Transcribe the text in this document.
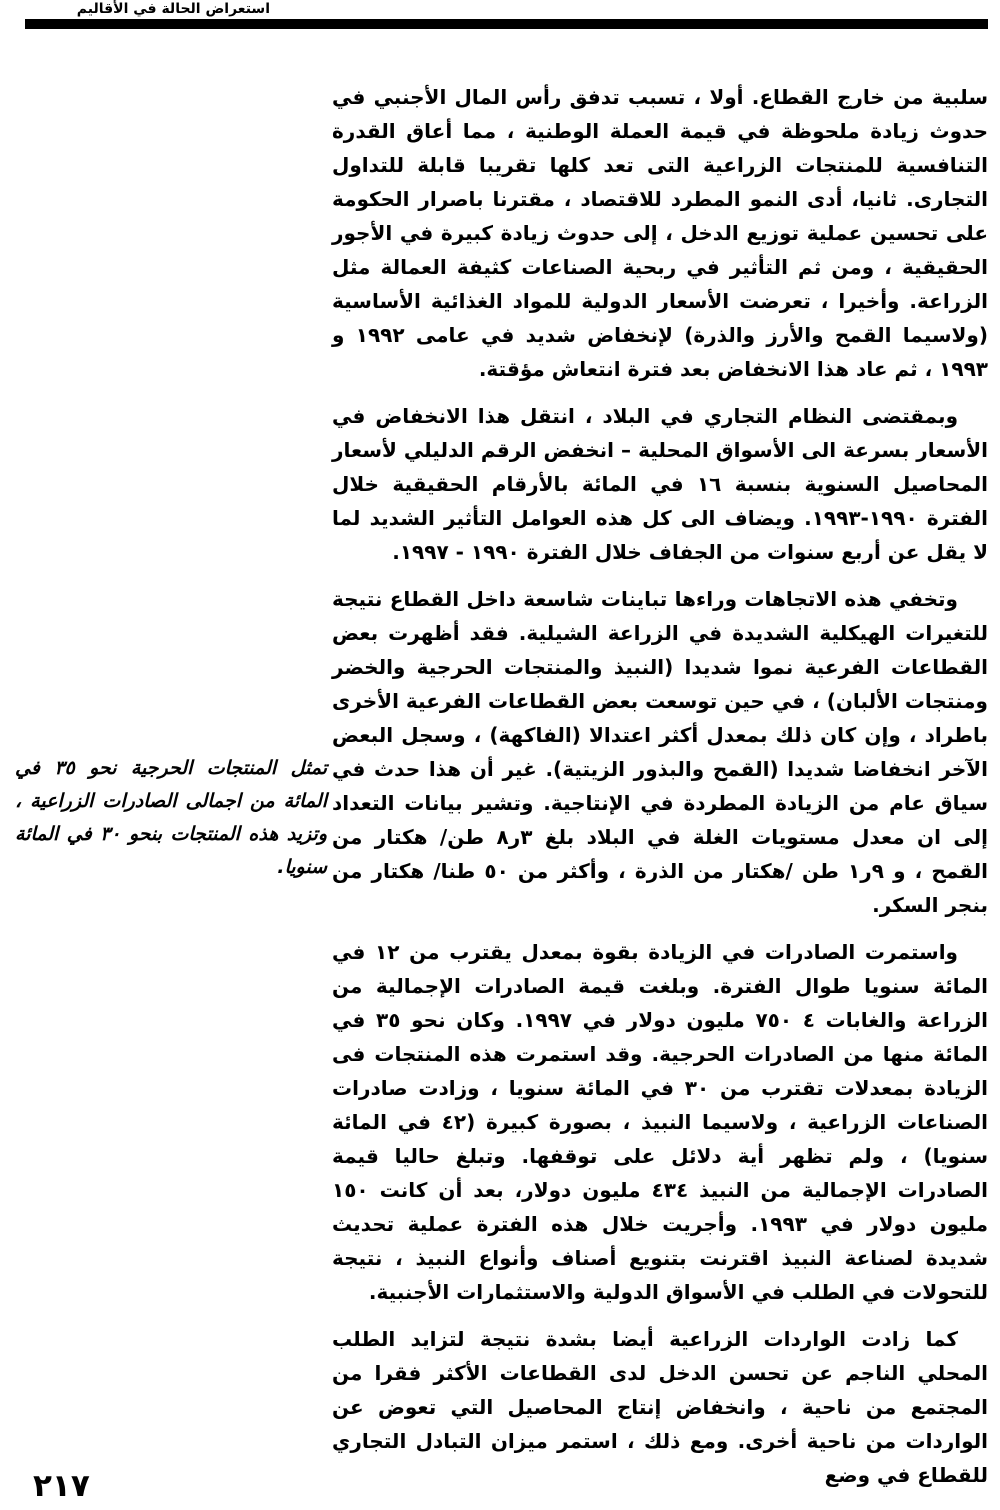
استعراض الحالة في الأقاليم
تمثل المنتجات الحرجية نحو ٣٥ في المائة من اجمالى الصادرات الزراعية ، وتزيد هذه المنتجات بنحو ٣٠ في المائة سنويا.

سلبية من خارج القطاع. أولا ، تسبب تدفق رأس المال الأجنبي في حدوث زيادة ملحوظة في قيمة العملة الوطنية ، مما أعاق القدرة التنافسية للمنتجات الزراعية التى تعد كلها تقريبا قابلة للتداول التجارى. ثانيا، أدى النمو المطرد للاقتصاد ، مقترنا باصرار الحكومة على تحسين عملية توزيع الدخل ، إلى حدوث زيادة كبيرة في الأجور الحقيقية ، ومن ثم التأثير في ربحية الصناعات كثيفة العمالة مثل الزراعة. وأخيرا ، تعرضت الأسعار الدولية للمواد الغذائية الأساسية (ولاسيما القمح والأرز والذرة) لإنخفاض شديد في عامى ١٩٩٢ و ١٩٩٣ ، ثم عاد هذا الانخفاض بعد فترة انتعاش مؤقتة.

وبمقتضى النظام التجاري في البلاد ، انتقل هذا الانخفاض في الأسعار بسرعة الى الأسواق المحلية – انخفض الرقم الدليلي لأسعار المحاصيل السنوية بنسبة ١٦ في المائة بالأرقام الحقيقية خلال الفترة ١٩٩٠-١٩٩٣. ويضاف الى كل هذه العوامل التأثير الشديد لما لا يقل عن أربع سنوات من الجفاف خلال الفترة ١٩٩٠ - ١٩٩٧.

وتخفي هذه الاتجاهات وراءها تباينات شاسعة داخل القطاع نتيجة للتغيرات الهيكلية الشديدة في الزراعة الشيلية. فقد أظهرت بعض القطاعات الفرعية نموا شديدا (النبيذ والمنتجات الحرجية والخضر ومنتجات الألبان) ، في حين توسعت بعض القطاعات الفرعية الأخرى باطراد ، وإن كان ذلك بمعدل أكثر اعتدالا (الفاكهة) ، وسجل البعض الآخر انخفاضا شديدا (القمح والبذور الزيتية). غير أن هذا حدث في سياق عام من الزيادة المطردة في الإنتاجية. وتشير بيانات التعداد إلى ان معدل مستويات الغلة في البلاد بلغ ٣ر٨ طن/ هكتار من القمح ، و ٩ر١ طن /هكتار من الذرة ، وأكثر من ٥٠ طنا/ هكتار من بنجر السكر.

واستمرت الصادرات في الزيادة بقوة بمعدل يقترب من ١٢ في المائة سنويا طوال الفترة. وبلغت قيمة الصادرات الإجمالية من الزراعة والغابات ٤ ٧٥٠ مليون دولار في ١٩٩٧. وكان نحو ٣٥ في المائة منها من الصادرات الحرجية. وقد استمرت هذه المنتجات فى الزيادة بمعدلات تقترب من ٣٠ في المائة سنويا ، وزادت صادرات الصناعات الزراعية ، ولاسيما النبيذ ، بصورة كبيرة (٤٢ في المائة سنويا) ، ولم تظهر أية دلائل على توقفها. وتبلغ حاليا قيمة الصادرات الإجمالية من النبيذ ٤٣٤ مليون دولار، بعد أن كانت ١٥٠ مليون دولار في ١٩٩٣. وأجريت خلال هذه الفترة عملية تحديث شديدة لصناعة النبيذ اقترنت بتنويع أصناف وأنواع النبيذ ، نتيجة للتحولات في الطلب في الأسواق الدولية والاستثمارات الأجنبية.

كما زادت الواردات الزراعية أيضا بشدة نتيجة لتزايد الطلب المحلي الناجم عن تحسن الدخل لدى القطاعات الأكثر فقرا من المجتمع من ناحية ، وانخفاض إنتاج المحاصيل التي تعوض عن الواردات من ناحية أخرى. ومع ذلك ، استمر ميزان التبادل التجاري للقطاع في وضع

٢١٧
